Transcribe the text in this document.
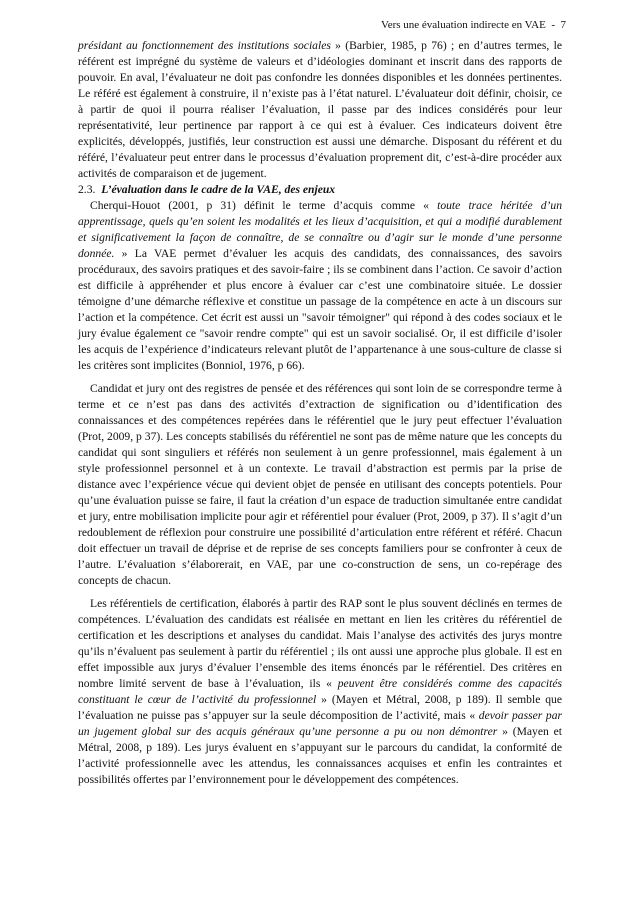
Vers une évaluation indirecte en VAE - 7

présidant au fonctionnement des institutions sociales » (Barbier, 1985, p 76) ; en d’autres termes, le référent est imprégné du système de valeurs et d’idéologies dominant et inscrit dans des rapports de pouvoir. En aval, l’évaluateur ne doit pas confondre les données disponibles et les données pertinentes. Le référé est également à construire, il n’existe pas à l’état naturel. L’évaluateur doit définir, choisir, ce à partir de quoi il pourra réaliser l’évaluation, il passe par des indices considérés pour leur représentativité, leur pertinence par rapport à ce qui est à évaluer. Ces indicateurs doivent être explicités, développés, justifiés, leur construction est aussi une démarche. Disposant du référent et du référé, l’évaluateur peut entrer dans le processus d’évaluation proprement dit, c’est-à-dire procéder aux activités de comparaison et de jugement.

2.3. L’évaluation dans le cadre de la VAE, des enjeux

Cherqui-Houot (2001, p 31) définit le terme d’acquis comme « toute trace héritée d’un apprentissage, quels qu’en soient les modalités et les lieux d’acquisition, et qui a modifié durablement et significativement la façon de connaître, de se connaître ou d’agir sur le monde d’une personne donnée. » La VAE permet d’évaluer les acquis des candidats, des connaissances, des savoirs procéduraux, des savoirs pratiques et des savoir-faire ; ils se combinent dans l’action. Ce savoir d’action est difficile à appréhender et plus encore à évaluer car c’est une combinatoire située. Le dossier témoigne d’une démarche réflexive et constitue un passage de la compétence en acte à un discours sur l’action et la compétence. Cet écrit est aussi un "savoir témoigner" qui répond à des codes sociaux et le jury évalue également ce "savoir rendre compte" qui est un savoir socialisé. Or, il est difficile d’isoler les acquis de l’expérience d’indicateurs relevant plutôt de l’appartenance à une sous-culture de classe si les critères sont implicites (Bonniol, 1976, p 66).

Candidat et jury ont des registres de pensée et des références qui sont loin de se correspondre terme à terme et ce n’est pas dans des activités d’extraction de signification ou d’identification des connaissances et des compétences repérées dans le référentiel que le jury peut effectuer l’évaluation (Prot, 2009, p 37). Les concepts stabilisés du référentiel ne sont pas de même nature que les concepts du candidat qui sont singuliers et référés non seulement à un genre professionnel, mais également à un style professionnel personnel et à un contexte. Le travail d’abstraction est permis par la prise de distance avec l’expérience vécue qui devient objet de pensée en utilisant des concepts potentiels. Pour qu’une évaluation puisse se faire, il faut la création d’un espace de traduction simultanée entre candidat et jury, entre mobilisation implicite pour agir et référentiel pour évaluer (Prot, 2009, p 37). Il s’agit d’un redoublement de réflexion pour construire une possibilité d’articulation entre référent et référé. Chacun doit effectuer un travail de déprise et de reprise de ses concepts familiers pour se confronter à ceux de l’autre. L’évaluation s’élaborerait, en VAE, par une co-construction de sens, un co-repérage des concepts de chacun.

Les référentiels de certification, élaborés à partir des RAP sont le plus souvent déclinés en termes de compétences. L’évaluation des candidats est réalisée en mettant en lien les critères du référentiel de certification et les descriptions et analyses du candidat. Mais l’analyse des activités des jurys montre qu’ils n’évaluent pas seulement à partir du référentiel ; ils ont aussi une approche plus globale. Il est en effet impossible aux jurys d’évaluer l’ensemble des items énoncés par le référentiel. Des critères en nombre limité servent de base à l’évaluation, ils « peuvent être considérés comme des capacités constituant le cœur de l’activité du professionnel » (Mayen et Métral, 2008, p 189). Il semble que l’évaluation ne puisse pas s’appuyer sur la seule décomposition de l’activité, mais « devoir passer par un jugement global sur des acquis généraux qu’une personne a pu ou non démontrer » (Mayen et Métral, 2008, p 189). Les jurys évaluent en s’appuyant sur le parcours du candidat, la conformité de l’activité professionnelle avec les attendus, les connaissances acquises et enfin les contraintes et possibilités offertes par l’environnement pour le développement des compétences.
